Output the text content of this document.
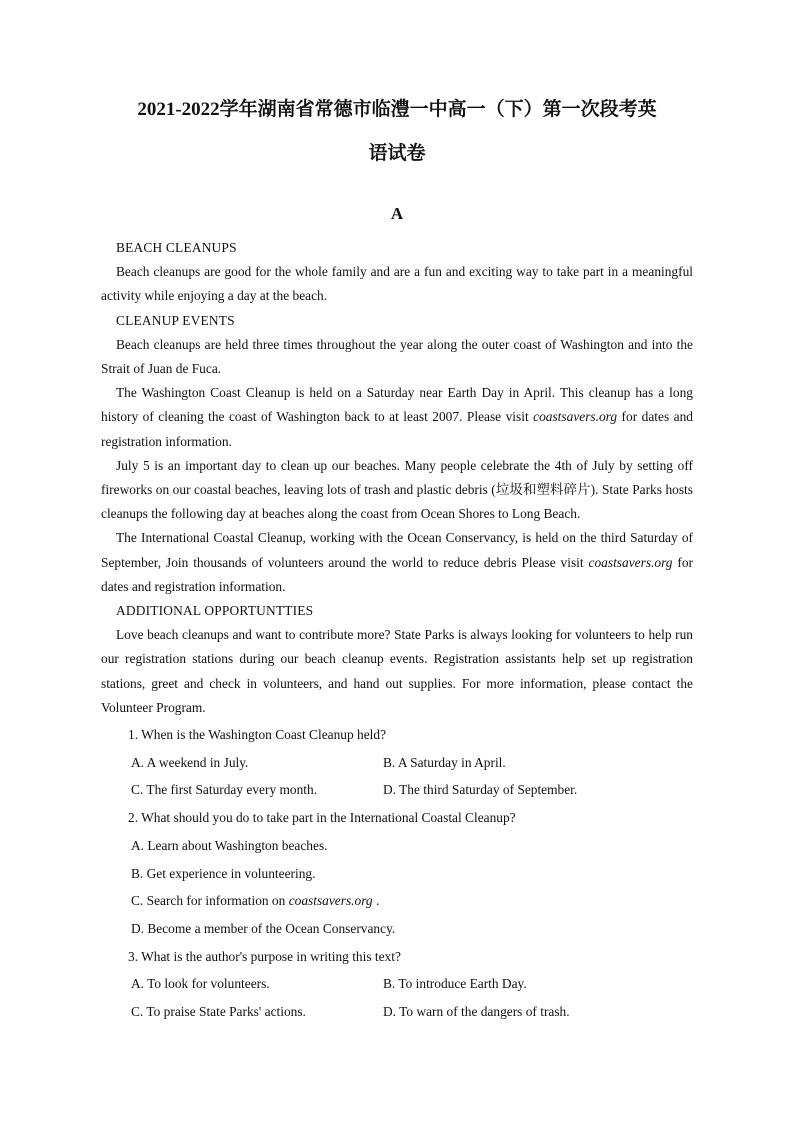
2021-2022学年湖南省常德市临澧一中高一（下）第一次段考英
语试卷
A

BEACH CLEANUPS

Beach cleanups are good for the whole family and are a fun and exciting way to take part in a meaningful activity while enjoying a day at the beach.

CLEANUP EVENTS

Beach cleanups are held three times throughout the year along the outer coast of Washington and into the Strait of Juan de Fuca.

The Washington Coast Cleanup is held on a Saturday near Earth Day in April. This cleanup has a long history of cleaning the coast of Washington back to at least 2007. Please visit coastsavers.org for dates and registration information.

July 5 is an important day to clean up our beaches. Many people celebrate the 4th of July by setting off fireworks on our coastal beaches, leaving lots of trash and plastic debris (垃圾和塑料碎片). State Parks hosts cleanups the following day at beaches along the coast from Ocean Shores to Long Beach.

The International Coastal Cleanup, working with the Ocean Conservancy, is held on the third Saturday of September, Join thousands of volunteers around the world to reduce debris Please visit coastsavers.org for dates and registration information.

ADDITIONAL OPPORTUNTTIES

Love beach cleanups and want to contribute more? State Parks is always looking for volunteers to help run our registration stations during our beach cleanup events. Registration assistants help set up registration stations, greet and check in volunteers, and hand out supplies. For more information, please contact the Volunteer Program.

1. When is the Washington Coast Cleanup held?
A. A weekend in July.	B. A Saturday in April.
C. The first Saturday every month.	D. The third Saturday of September.
2. What should you do to take part in the International Coastal Cleanup?
A. Learn about Washington beaches.
B. Get experience in volunteering.
C. Search for information on coastsavers.org .
D. Become a member of the Ocean Conservancy.
3. What is the author's purpose in writing this text?
A. To look for volunteers.	B. To introduce Earth Day.
C. To praise State Parks' actions.	D. To warn of the dangers of trash.
